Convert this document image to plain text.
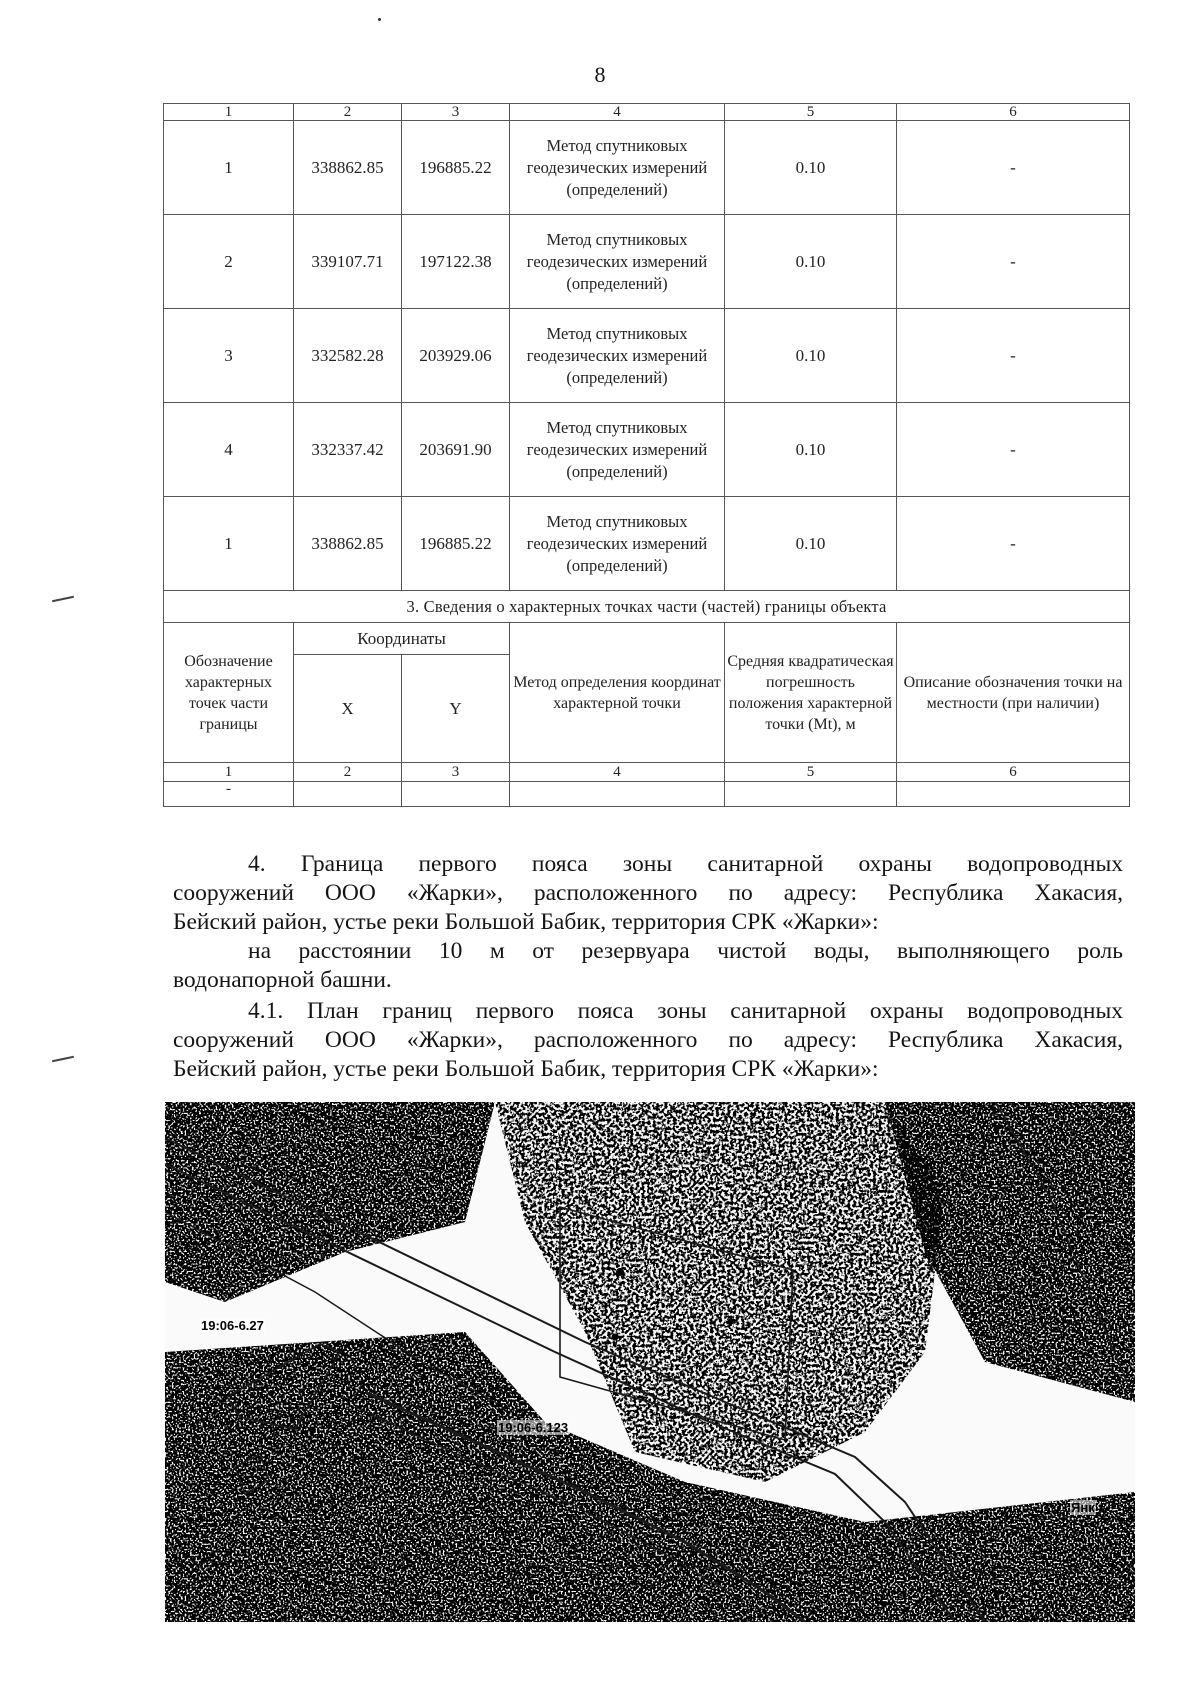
8
1	2	3	4	5	6
1	338862.85	196885.22	Метод спутниковых геодезических измерений (определений)	0.10	-
2	339107.71	197122.38	Метод спутниковых геодезических измерений (определений)	0.10	-
3	332582.28	203929.06	Метод спутниковых геодезических измерений (определений)	0.10	-
4	332337.42	203691.90	Метод спутниковых геодезических измерений (определений)	0.10	-
1	338862.85	196885.22	Метод спутниковых геодезических измерений (определений)	0.10	-
3. Сведения о характерных точках части (частей) границы объекта					
Обозначение характерных точек части границы	Координаты		Метод определения координат характерной точки	Средняя квадратическая погрешность положения характерной точки (Mt), м	Описание обозначения точки на местности (при наличии)
	X	Y			
1	2	3	4	5	6
-					
4. Граница первого пояса зоны санитарной охраны водопроводных
сооружений ООО «Жарки», расположенного по адресу: Республика Хакасия,
Бейский район, устье реки Большой Бабик, территория СРК «Жарки»:
на расстоянии 10 м от резервуара чистой воды, выполняющего роль
водонапорной башни.
4.1. План границ первого пояса зоны санитарной охраны водопроводных
сооружений ООО «Жарки», расположенного по адресу: Республика Хакасия,
Бейский район, устье реки Большой Бабик, территория СРК «Жарки»:
19:06-6.27
19:06-6.123
Янк
